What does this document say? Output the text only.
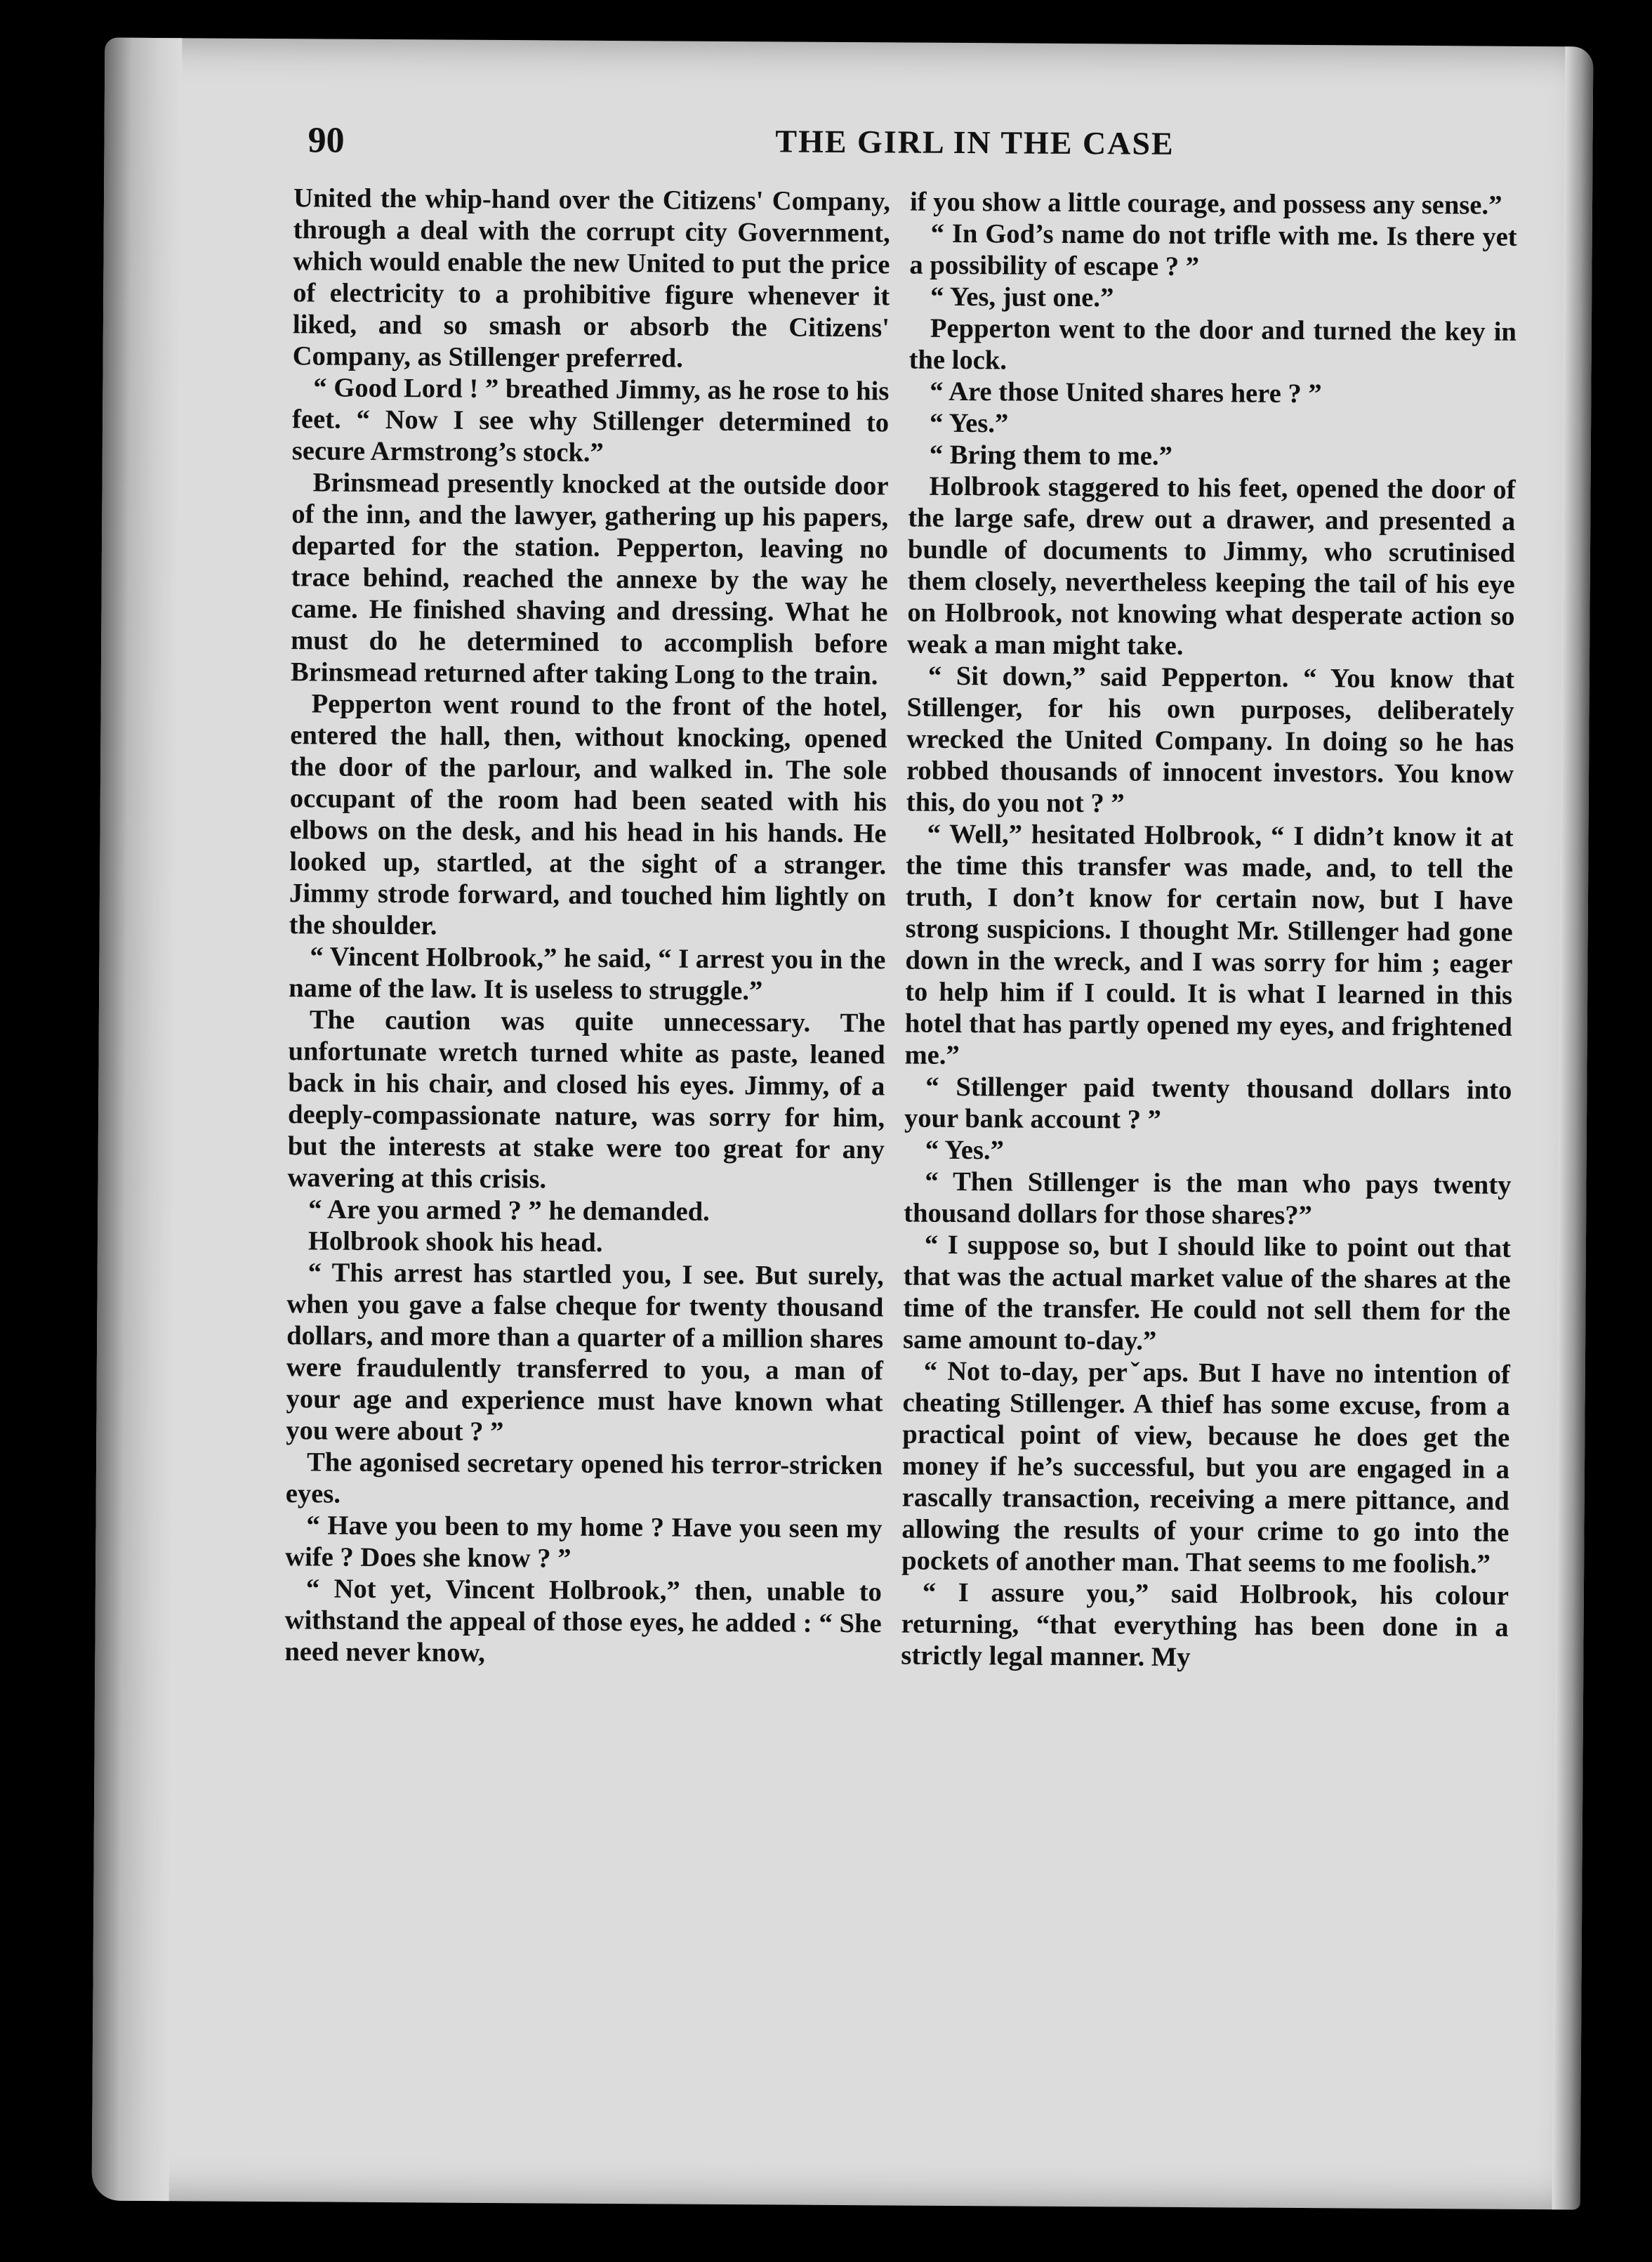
90	THE GIRL IN THE CASE

United the whip-hand over the Citizens' Company, through a deal with the corrupt city Government, which would enable the new United to put the price of electricity to a prohibitive figure whenever it liked, and so smash or absorb the Citizens' Company, as Stillenger preferred.

“ Good Lord ! ” breathed Jimmy, as he rose to his feet. “ Now I see why Stillenger determined to secure Armstrong’s stock.”

Brinsmead presently knocked at the outside door of the inn, and the lawyer, gathering up his papers, departed for the station. Pepperton, leaving no trace behind, reached the annexe by the way he came. He finished shaving and dressing. What he must do he determined to accomplish before Brinsmead returned after taking Long to the train.

Pepperton went round to the front of the hotel, entered the hall, then, without knocking, opened the door of the parlour, and walked in. The sole occupant of the room had been seated with his elbows on the desk, and his head in his hands. He looked up, startled, at the sight of a stranger. Jimmy strode forward, and touched him lightly on the shoulder.

“ Vincent Holbrook,” he said, “ I arrest you in the name of the law. It is useless to struggle.”

The caution was quite unnecessary. The unfortunate wretch turned white as paste, leaned back in his chair, and closed his eyes. Jimmy, of a deeply-compassionate nature, was sorry for him, but the interests at stake were too great for any wavering at this crisis.

“ Are you armed ? ” he demanded.

Holbrook shook his head.

“ This arrest has startled you, I see. But surely, when you gave a false cheque for twenty thousand dollars, and more than a quarter of a million shares were fraudulently transferred to you, a man of your age and experience must have known what you were about ? ”

The agonised secretary opened his terror-stricken eyes.

“ Have you been to my home ? Have you seen my wife ? Does she know ? ”

“ Not yet, Vincent Holbrook,” then, unable to withstand the appeal of those eyes, he added : “ She need never know,

if you show a little courage, and possess any sense.”

“ In God’s name do not trifle with me. Is there yet a possibility of escape ? ”

“ Yes, just one.”

Pepperton went to the door and turned the key in the lock.

“ Are those United shares here ? ”

“ Yes.”

“ Bring them to me.”

Holbrook staggered to his feet, opened the door of the large safe, drew out a drawer, and presented a bundle of documents to Jimmy, who scrutinised them closely, nevertheless keeping the tail of his eye on Holbrook, not knowing what desperate action so weak a man might take.

“ Sit down,” said Pepperton. “ You know that Stillenger, for his own purposes, deliberately wrecked the United Company. In doing so he has robbed thousands of innocent investors. You know this, do you not ? ”

“ Well,” hesitated Holbrook, “ I didn’t know it at the time this transfer was made, and, to tell the truth, I don’t know for certain now, but I have strong suspicions. I thought Mr. Stillenger had gone down in the wreck, and I was sorry for him ; eager to help him if I could. It is what I learned in this hotel that has partly opened my eyes, and frightened me.”

“ Stillenger paid twenty thousand dollars into your bank account ? ”

“ Yes.”

“ Then Stillenger is the man who pays twenty thousand dollars for those shares?”

“ I suppose so, but I should like to point out that that was the actual market value of the shares at the time of the transfer. He could not sell them for the same amount to-day.”

“ Not to-day, perˇaps. But I have no intention of cheating Stillenger. A thief has some excuse, from a practical point of view, because he does get the money if he’s successful, but you are engaged in a rascally transaction, receiving a mere pittance, and allowing the results of your crime to go into the pockets of another man. That seems to me foolish.”

“ I assure you,” said Holbrook, his colour returning, “that everything has been done in a strictly legal manner. My
